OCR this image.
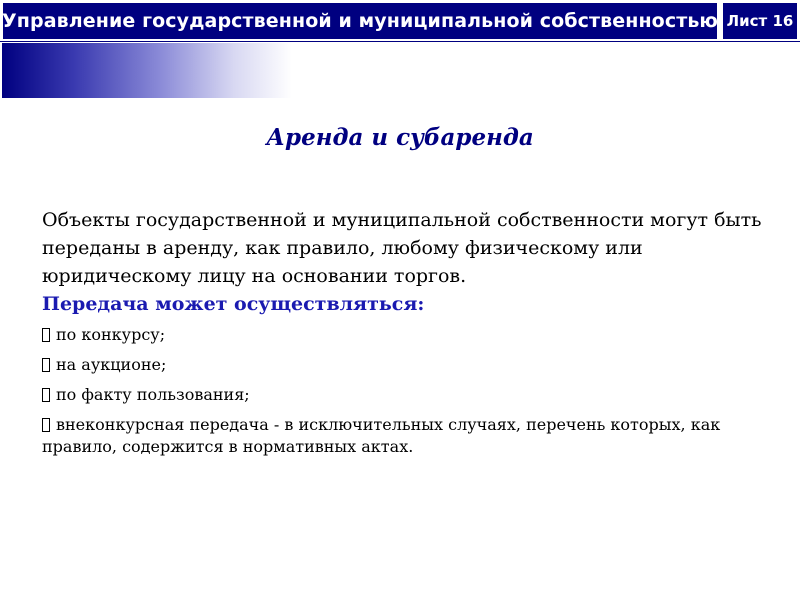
Управление государственной и муниципальной собственностью Лист 16
Аренда и субаренда

Объекты государственной и муниципальной собственности могут быть переданы в аренду, как правило, любому физическому или юридическому лицу на основании торгов.

Передача может осуществляться:

по конкурсу;
на аукционе;
по факту пользования;
внеконкурсная передача - в исключительных случаях, перечень которых, как правило, содержится в нормативных актах.
